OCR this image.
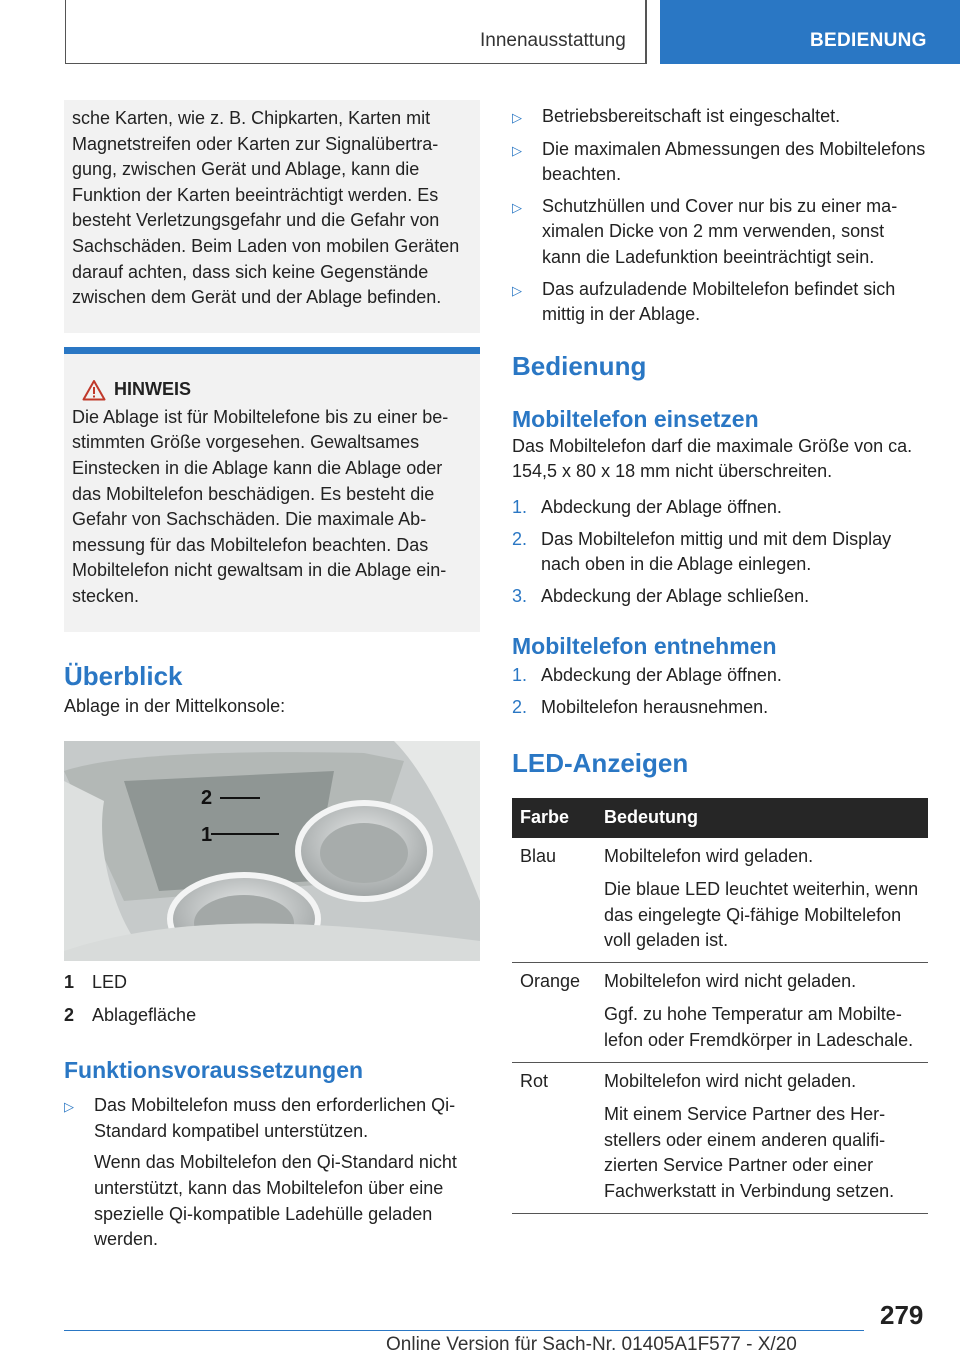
Innenausstattung	BEDIENUNG

sche Karten, wie z. B. Chipkarten, Karten mit Magnetstreifen oder Karten zur Signalübertragung, zwischen Gerät und Ablage, kann die Funktion der Karten beeinträchtigt werden. Es besteht Verletzungsgefahr und die Gefahr von Sachschäden. Beim Laden von mobilen Geräten darauf achten, dass sich keine Gegenstände zwischen dem Gerät und der Ablage befinden.

HINWEIS

Die Ablage ist für Mobiltelefone bis zu einer bestimmten Größe vorgesehen. Gewaltsames Einstecken in die Ablage kann die Ablage oder das Mobiltelefon beschädigen. Es besteht die Gefahr von Sachschäden. Die maximale Abmessung für das Mobiltelefon beachten. Das Mobiltelefon nicht gewaltsam in die Ablage einstecken.

Überblick

Ablage in der Mittelkonsole:

2
1
1 LED
2 Ablagefläche
Funktionsvoraussetzungen
▷	Das Mobiltelefon muss den erforderlichen Qi-Standard kompatibel unterstützen.

Wenn das Mobiltelefon den Qi-Standard nicht unterstützt, kann das Mobiltelefon über eine spezielle Qi-kompatible Ladehülle geladen werden.

▷	Betriebsbereitschaft ist eingeschaltet.

▷	Die maximalen Abmessungen des Mobiltelefons beachten.

▷	Schutzhüllen und Cover nur bis zu einer maximalen Dicke von 2 mm verwenden, sonst kann die Ladefunktion beeinträchtigt sein.

▷	Das aufzuladende Mobiltelefon befindet sich mittig in der Ablage.

Bedienung
Mobiltelefon einsetzen

Das Mobiltelefon darf die maximale Größe von ca. 154,5 x 80 x 18 mm nicht überschreiten.

1. Abdeckung der Ablage öffnen.

2. Das Mobiltelefon mittig und mit dem Display nach oben in die Ablage einlegen.

3. Abdeckung der Ablage schließen.

Mobiltelefon entnehmen
1. Abdeckung der Ablage öffnen.

2. Mobiltelefon herausnehmen.

LED-Anzeigen
Farbe	Bedeutung
Blau	Mobiltelefon wird geladen.
Die blaue LED leuchtet weiterhin, wenn das eingelegte Qi-fähige Mobiltelefon voll geladen ist.

Orange	Mobiltelefon wird nicht geladen.
Ggf. zu hohe Temperatur am Mobiltelefon oder Fremdkörper in Ladeschale.

Rot	Mobiltelefon wird nicht geladen.
Mit einem Service Partner des Herstellers oder einem anderen qualifizierten Service Partner oder einer Fachwerkstatt in Verbindung setzen.
279
Online Version für Sach-Nr. 01405A1F577 - X/20
